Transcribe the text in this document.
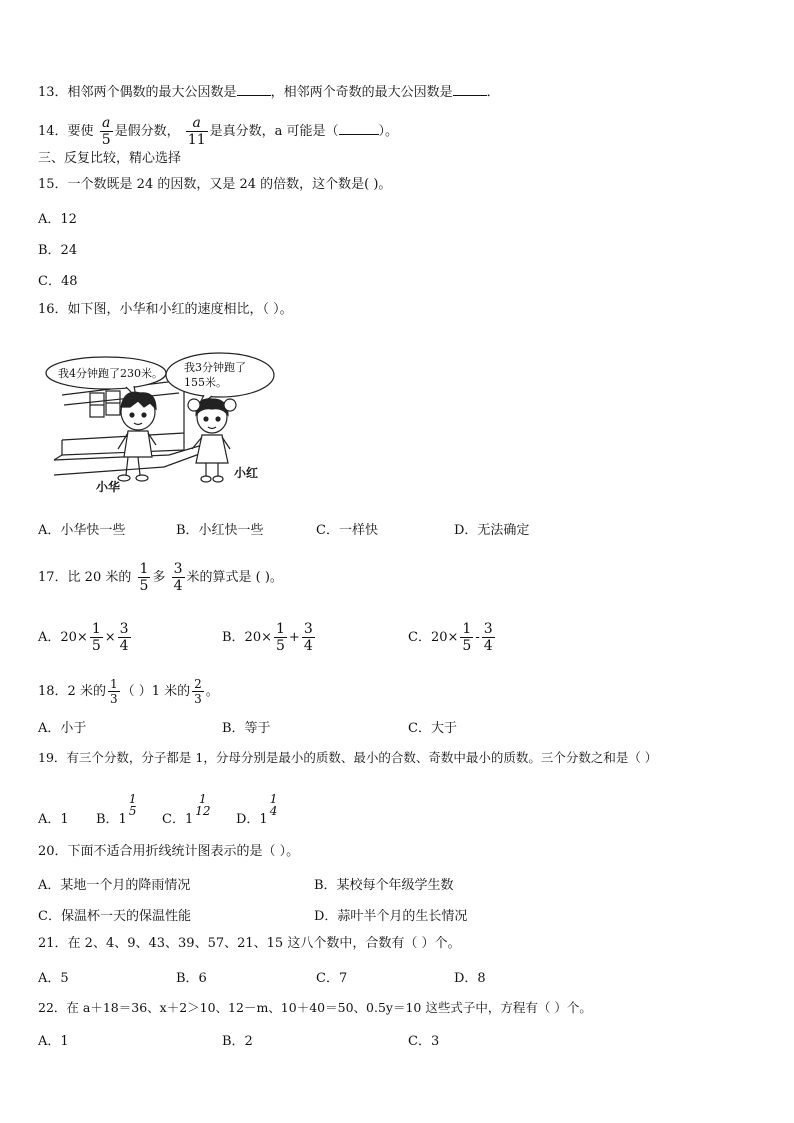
13．相邻两个偶数的最大公因数是	，相邻两个奇数的最大公因数是	．
14．要使 $\frac{a}{5}$ 是假分数， $\frac{a}{11}$ 是真分数，a 可能是（	）。
三、反复比较，精心选择
15．一个数既是 24 的因数，又是 24 的倍数，这个数是( )。
A．12
B．24
C．48
16．如下图，小华和小红的速度相比，（ ）。
我4分钟跑了230米。 我3分钟跑了
155米。
小华
小红
A．小华快一些	B．小红快一些	C．一样快	D．无法确定
17．比 20 米的 $\frac{1}{5}$ 多 $\frac{3}{4}$ 米的算式是 ( )。
A．$20\times \frac{1}{5} \times \frac{3}{4}$	B．$20\times \frac{1}{5} + \frac{3}{4}$	C．$20\times \frac{1}{5} - \frac{3}{4}$
18．2 米的 $\frac{1}{3}$ （ ）1 米的 $\frac{2}{3}$ 。
A．小于	B．等于	C．大于
19．有三个分数，分子都是 1，分母分别是最小的质数、最小的合数、奇数中最小的质数。三个分数之和是（ ）
A．1 B．1
1
5
C．1
1
12
D．1
1
4
20．下面不适合用折线统计图表示的是（ ）。
A．某地一个月的降雨情况	B．某校每个年级学生数
C．保温杯一天的保温性能	D．蒜叶半个月的生长情况
21．在 2、4、9、43、39、57、21、15 这八个数中，合数有（ ）个。
A．5	B．6	C．7	D．8
22．在 a＋18＝36、x＋2＞10、12－m、10＋40＝50、0.5y＝10 这些式子中，方程有（ ）个。
A．1	B．2	C．3
